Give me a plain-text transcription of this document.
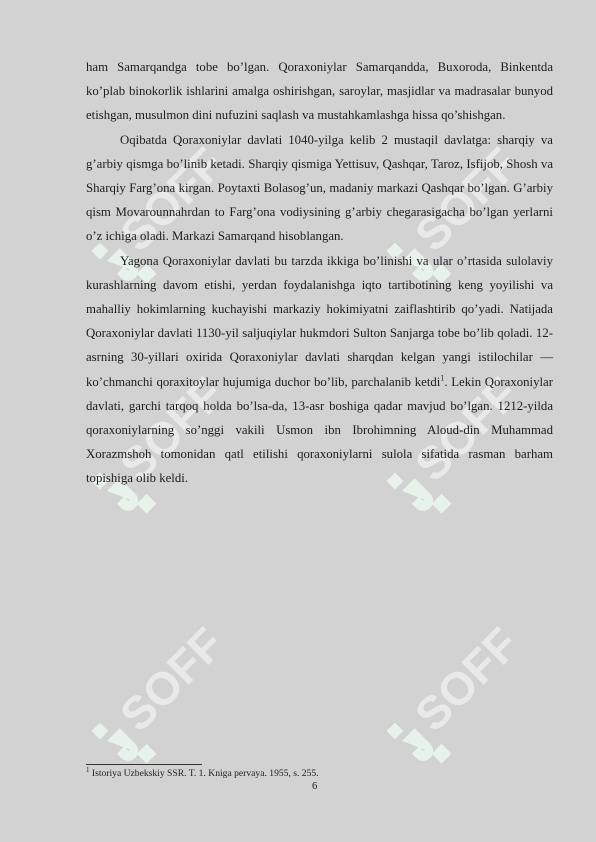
ham Samarqandga tobe bo’lgan. Qoraxoniylar Samarqandda, Buxoroda, Binkentda ko’plab binokorlik ishlarini amalga oshirishgan, saroylar, masjidlar va madrasalar bunyod etishgan, musulmon dini nufuzini saqlash va mustahkamlashga hissa qo’shishgan.

Oqibatda Qoraxoniylar davlati 1040-yilga kelib 2 mustaqil davlatga: sharqiy va g’arbiy qismga bo’linib ketadi. Sharqiy qismiga Yettisuv, Qashqar, Taroz, Isfijob, Shosh va Sharqiy Farg’ona kirgan. Poytaxti Bolasog’un, madaniy markazi Qashqar bo’lgan. G’arbiy qism Movarounnahrdan to Farg’ona vodiysining g’arbiy chegarasigacha bo’lgan yerlarni o’z ichiga oladi. Markazi Samarqand hisoblangan.

Yagona Qoraxoniylar davlati bu tarzda ikkiga bo’linishi va ular o’rtasida sulolaviy kurashlarning davom etishi, yerdan foydalanishga iqto tartibotining keng yoyilishi va mahalliy hokimlarning kuchayishi markaziy hokimiyatni zaiflashtirib qo’yadi. Natijada Qoraxoniylar davlati 1130-yil saljuqiylar hukmdori Sulton Sanjarga tobe bo’lib qoladi. 12-asrning 30-yillari oxirida Qoraxoniylar davlati sharqdan kelgan yangi istilochilar — ko’chmanchi qoraxitoylar hujumiga duchor bo’lib, parchalanib ketdi$^1$. Lekin Qoraxoniylar davlati, garchi tarqoq holda bo’lsa-da, 13-asr boshiga qadar mavjud bo’lgan. 1212-yilda qoraxoniylarning so’nggi vakili Usmon ibn Ibrohimning Aloud-din Muhammad Xorazmshoh tomonidan qatl etilishi qoraxoniylarni sulola sifatida rasman barham topishiga olib keldi.

$^1$ Istoriya Uzbekskiy SSR. T. 1. Kniga pervaya. 1955, s. 255.
6
